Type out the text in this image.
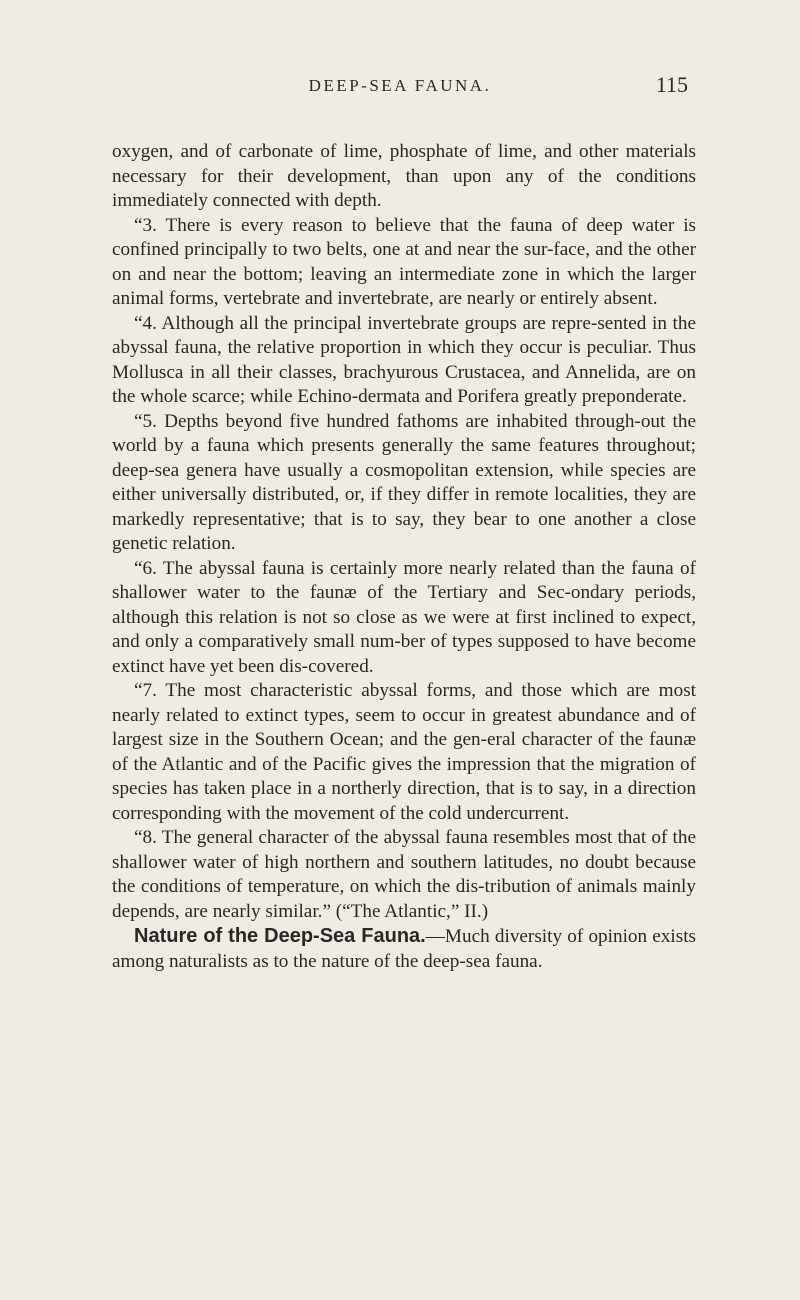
DEEP-SEA FAUNA.	115

oxygen, and of carbonate of lime, phosphate of lime, and other materials necessary for their development, than upon any of the conditions immediately connected with depth.

“3. There is every reason to believe that the fauna of deep water is confined principally to two belts, one at and near the sur-face, and the other on and near the bottom; leaving an intermediate zone in which the larger animal forms, vertebrate and invertebrate, are nearly or entirely absent.

“4. Although all the principal invertebrate groups are repre-sented in the abyssal fauna, the relative proportion in which they occur is peculiar. Thus Mollusca in all their classes, brachyurous Crustacea, and Annelida, are on the whole scarce; while Echino-dermata and Porifera greatly preponderate.

“5. Depths beyond five hundred fathoms are inhabited through-out the world by a fauna which presents generally the same features throughout; deep-sea genera have usually a cosmopolitan extension, while species are either universally distributed, or, if they differ in remote localities, they are markedly representative; that is to say, they bear to one another a close genetic relation.

“6. The abyssal fauna is certainly more nearly related than the fauna of shallower water to the faunæ of the Tertiary and Sec-ondary periods, although this relation is not so close as we were at first inclined to expect, and only a comparatively small num-ber of types supposed to have become extinct have yet been dis-covered.

“7. The most characteristic abyssal forms, and those which are most nearly related to extinct types, seem to occur in greatest abundance and of largest size in the Southern Ocean; and the gen-eral character of the faunæ of the Atlantic and of the Pacific gives the impression that the migration of species has taken place in a northerly direction, that is to say, in a direction corresponding with the movement of the cold undercurrent.

“8. The general character of the abyssal fauna resembles most that of the shallower water of high northern and southern latitudes, no doubt because the conditions of temperature, on which the dis-tribution of animals mainly depends, are nearly similar.” (“The Atlantic,” II.)

Nature of the Deep-Sea Fauna.—Much diversity of opinion exists among naturalists as to the nature of the deep-sea fauna.
